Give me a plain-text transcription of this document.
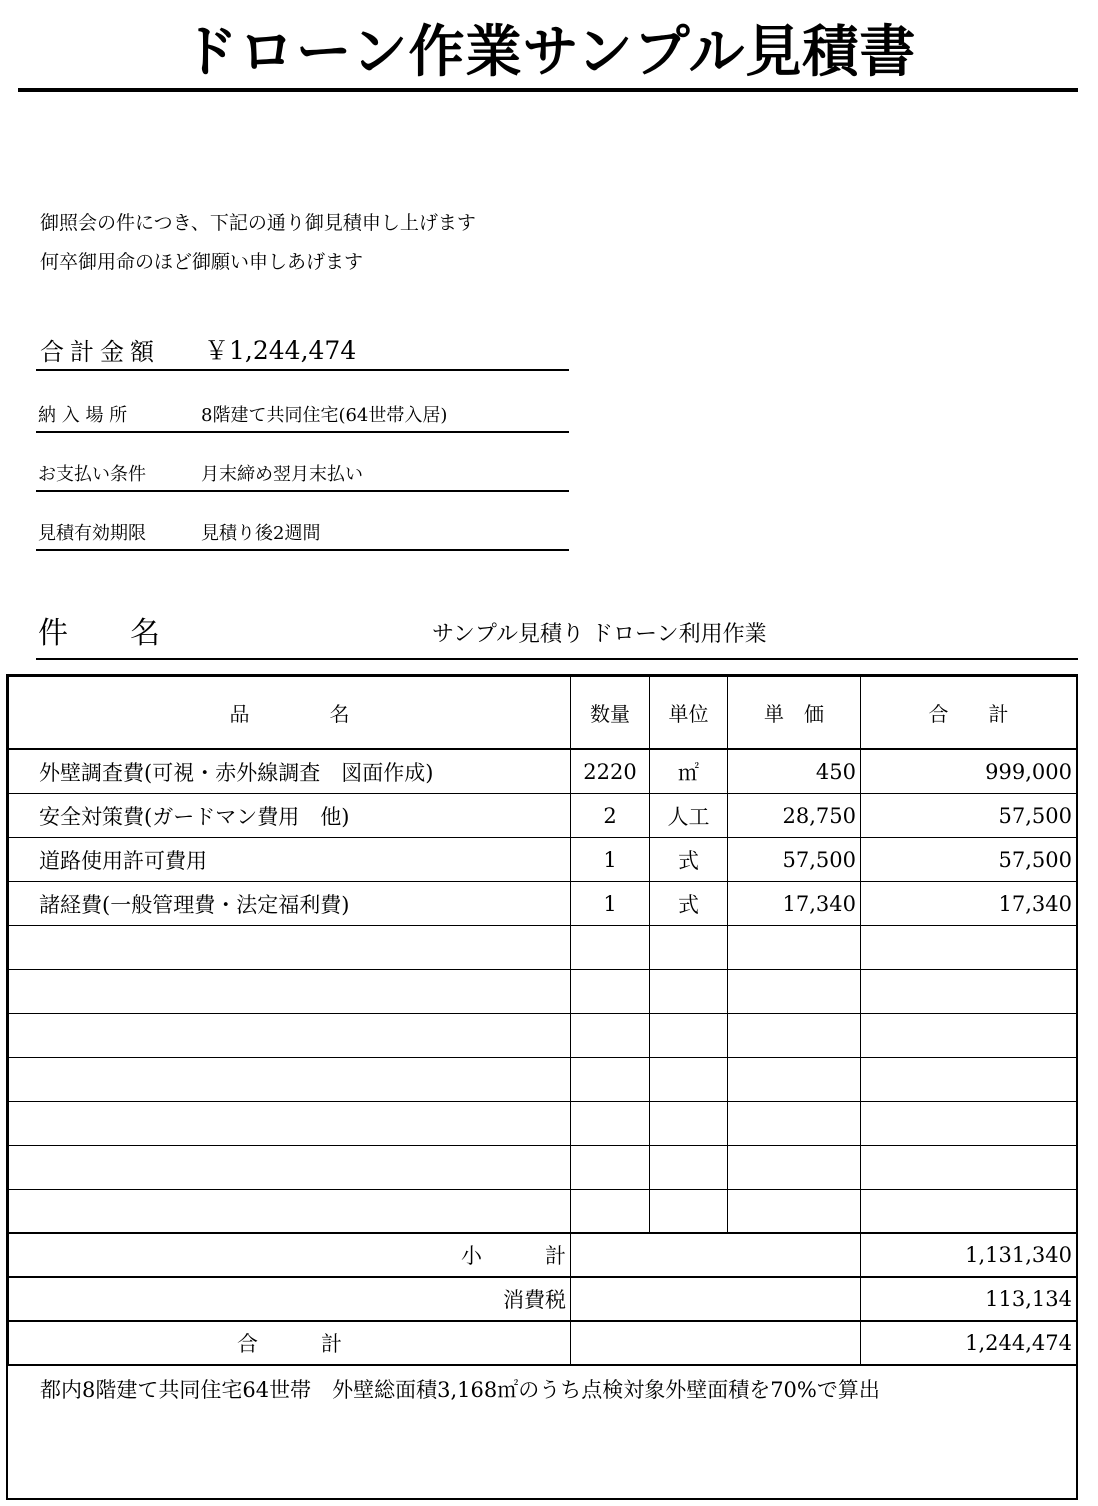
ドローン作業サンプル見積書
御照会の件につき、下記の通り御見積申し上げます
何卒御用命のほど御願い申しあげます
合計金額 ￥1,244,474
納 入 場 所	8階建て共同住宅(64世帯入居)
お支払い条件	月末締め翌月末払い
見積有効期限	見積り後2週間
件名	サンプル見積り ドローン利用作業
品　　　　名	数量	単位	単　価	合　　計
外壁調査費(可視・赤外線調査　図面作成)	2220	㎡	450	999,000
安全対策費(ガードマン費用　他)	2	人工	28,750	57,500
道路使用許可費用	1	式	57,500	57,500
諸経費(一般管理費・法定福利費)	1	式	17,340	17,340

小　　　計				1,131,340
消費税				113,134
合　　　計				1,244,474
都内8階建て共同住宅64世帯　外壁総面積3,168㎡のうち点検対象外壁面積を70%で算出
